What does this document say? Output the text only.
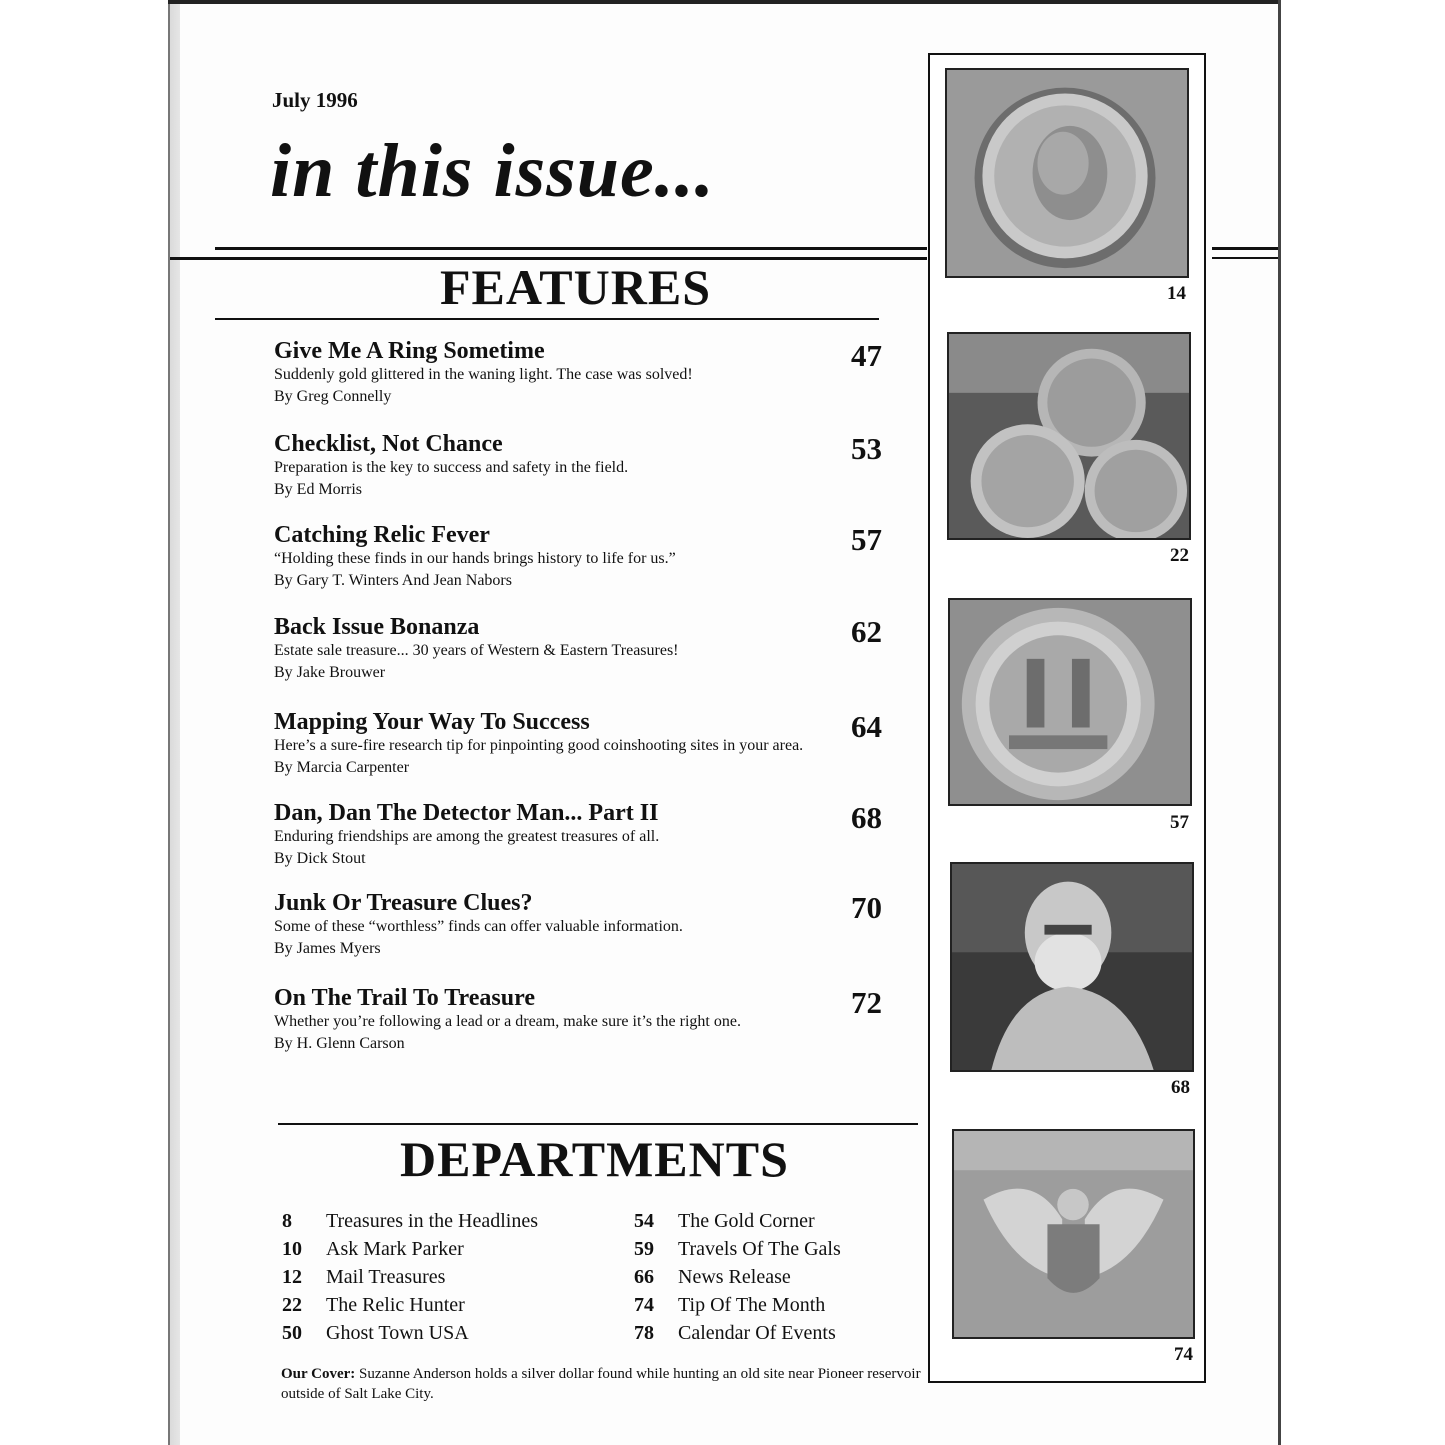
July 1996
in this issue...
FEATURES
Give Me A Ring Sometime
Suddenly gold glittered in the waning light. The case was solved!
By Greg Connelly
47
Checklist, Not Chance
Preparation is the key to success and safety in the field.
By Ed Morris
53
Catching Relic Fever
“Holding these finds in our hands brings history to life for us.”
By Gary T. Winters And Jean Nabors
57
Back Issue Bonanza
Estate sale treasure... 30 years of Western & Eastern Treasures!
By Jake Brouwer
62
Mapping Your Way To Success
Here’s a sure-fire research tip for pinpointing good coinshooting sites in your area.
By Marcia Carpenter
64
Dan, Dan The Detector Man... Part II
Enduring friendships are among the greatest treasures of all.
By Dick Stout
68
Junk Or Treasure Clues?
Some of these “worthless” finds can offer valuable information.
By James Myers
70
On The Trail To Treasure
Whether you’re following a lead or a dream, make sure it’s the right one.
By H. Glenn Carson
72
DEPARTMENTS
8 Treasures in the Headlines
10 Ask Mark Parker
12 Mail Treasures
22 The Relic Hunter
50 Ghost Town USA
54 The Gold Corner
59 Travels Of The Gals
66 News Release
74 Tip Of The Month
78 Calendar Of Events
Our Cover: Suzanne Anderson holds a silver dollar found while hunting an old site near Pioneer reservoir outside of Salt Lake City.
14
22
57
68
74
